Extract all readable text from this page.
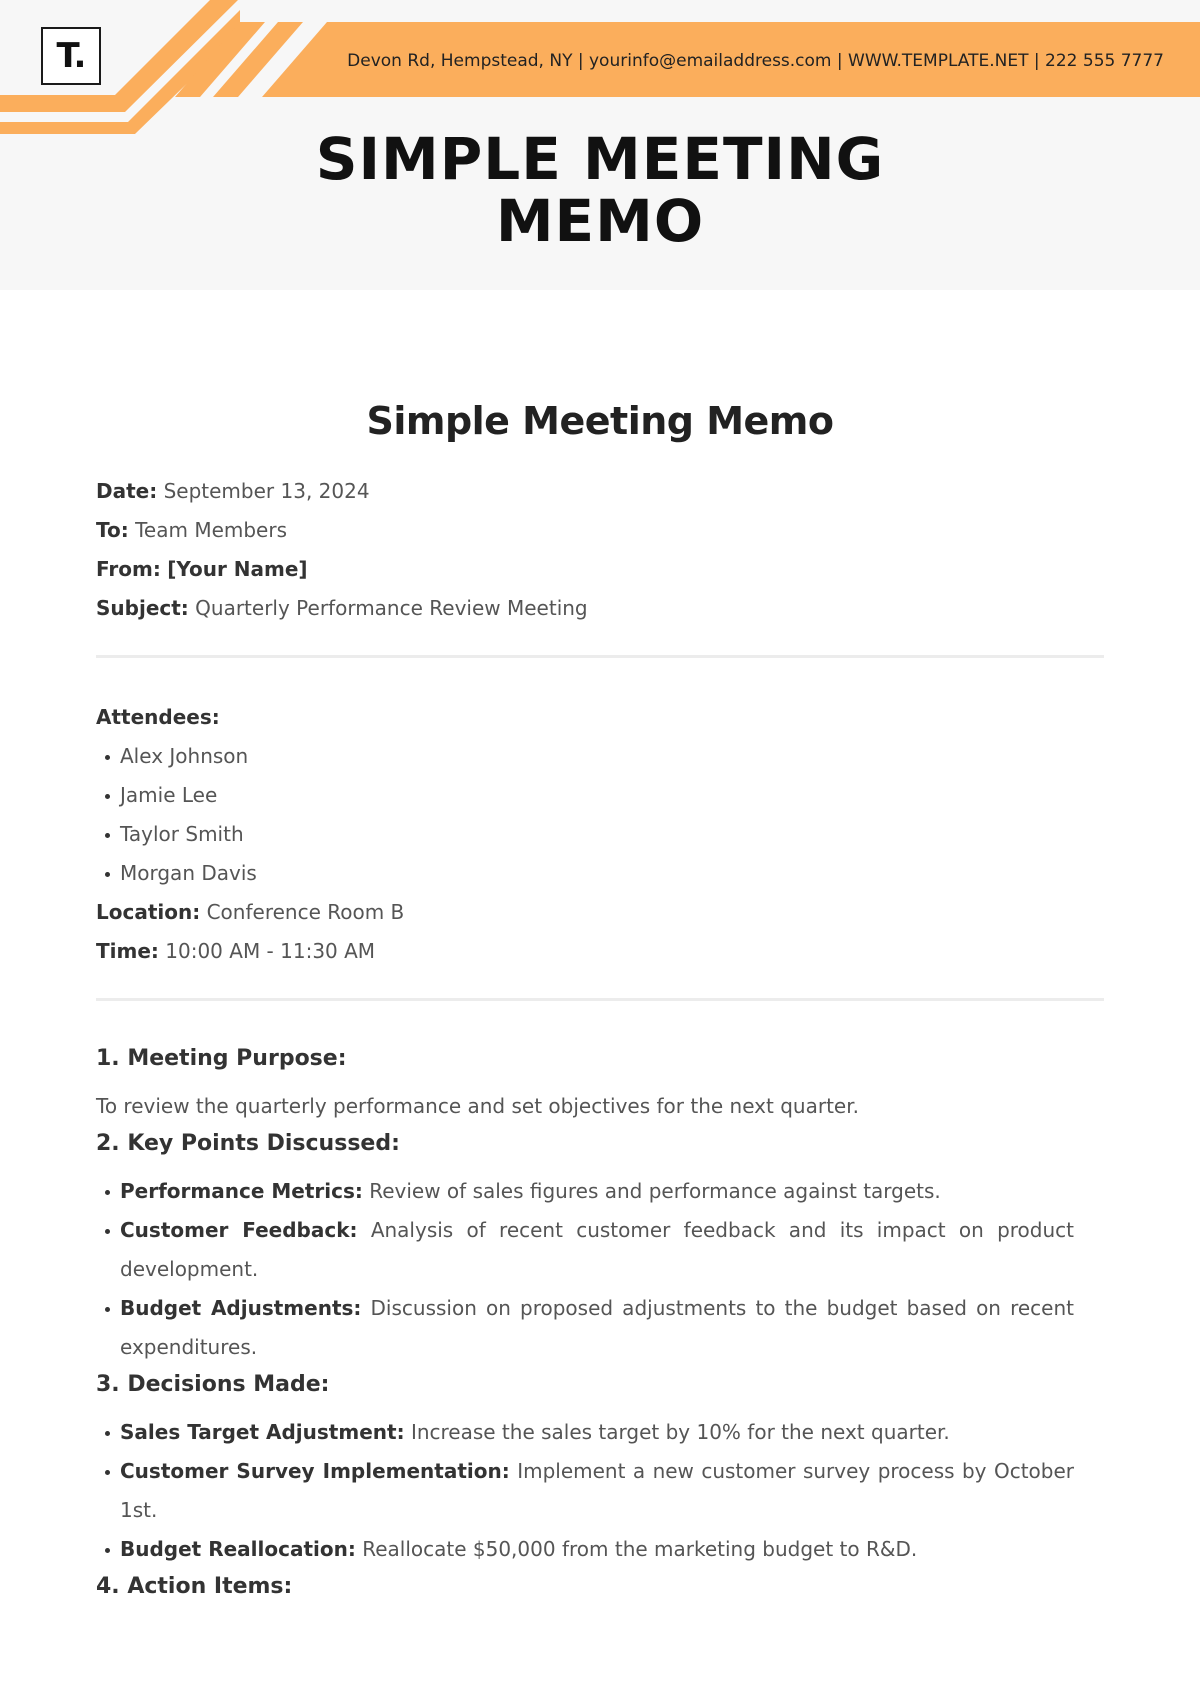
T.	Devon Rd, Hempstead, NY | yourinfo@emailaddress.com | WWW.TEMPLATE.NET | 222 555 7777
SIMPLE MEETING
MEMO
Simple Meeting Memo
Date: September 13, 2024
To: Team Members
From: [Your Name]
Subject: Quarterly Performance Review Meeting
Attendees:
Alex Johnson
Jamie Lee
Taylor Smith
Morgan Davis
Location: Conference Room B
Time: 10:00 AM - 11:30 AM
1. Meeting Purpose:
To review the quarterly performance and set objectives for the next quarter.
2. Key Points Discussed:
Performance Metrics: Review of sales figures and performance against targets.
Customer Feedback: Analysis of recent customer feedback and its impact on product development.
Budget Adjustments: Discussion on proposed adjustments to the budget based on recent expenditures.
3. Decisions Made:
Sales Target Adjustment: Increase the sales target by 10% for the next quarter.
Customer Survey Implementation: Implement a new customer survey process by October 1st.
Budget Reallocation: Reallocate $50,000 from the marketing budget to R&D.
4. Action Items:
